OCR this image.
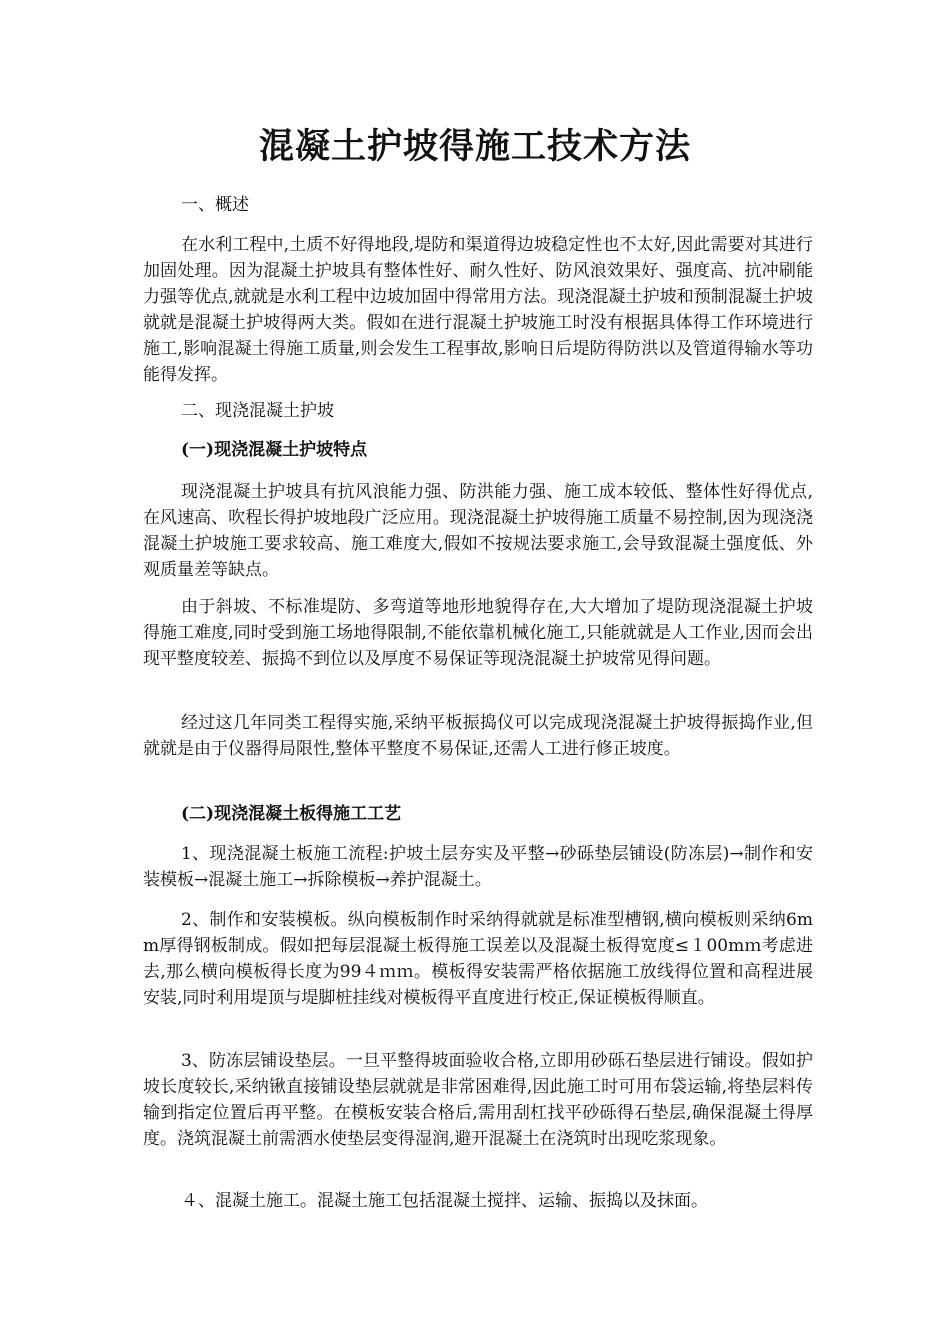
混凝土护坡得施工技术方法

一、概述

在水利工程中,土质不好得地段,堤防和渠道得边坡稳定性也不太好,因此需要对其进行加固处理。因为混凝土护坡具有整体性好、耐久性好、防风浪效果好、强度高、抗冲刷能力强等优点,就就是水利工程中边坡加固中得常用方法。现浇混凝土护坡和预制混凝土护坡就就是混凝土护坡得两大类。假如在进行混凝土护坡施工时没有根据具体得工作环境进行施工,影响混凝土得施工质量,则会发生工程事故,影响日后堤防得防洪以及管道得输水等功能得发挥。

二、现浇混凝土护坡

(一)现浇混凝土护坡特点

现浇混凝土护坡具有抗风浪能力强、防洪能力强、施工成本较低、整体性好得优点,在风速高、吹程长得护坡地段广泛应用。现浇混凝土护坡得施工质量不易控制,因为现浇浇混凝土护坡施工要求较高、施工难度大,假如不按规法要求施工,会导致混凝土强度低、外观质量差等缺点。

由于斜坡、不标准堤防、多弯道等地形地貌得存在,大大增加了堤防现浇混凝土护坡得施工难度,同时受到施工场地得限制,不能依靠机械化施工,只能就就是人工作业,因而会出现平整度较差、振捣不到位以及厚度不易保证等现浇混凝土护坡常见得问题。

经过这几年同类工程得实施,采纳平板振捣仪可以完成现浇混凝土护坡得振捣作业,但就就是由于仪器得局限性,整体平整度不易保证,还需人工进行修正坡度。

(二)现浇混凝土板得施工工艺

1、现浇混凝土板施工流程:护坡土层夯实及平整→砂砾垫层铺设(防冻层)→制作和安装模板→混凝土施工→拆除模板→养护混凝土。

2、制作和安装模板。纵向模板制作时采纳得就就是标准型槽钢,横向模板则采纳6mm厚得钢板制成。假如把每层混凝土板得施工误差以及混凝土板得宽度≤１00mｍ考虑进去,那么横向模板得长度为99４ｍｍ。模板得安装需严格依据施工放线得位置和高程进展安装,同时利用堤顶与堤脚桩挂线对模板得平直度进行校正,保证模板得顺直。

3、防冻层铺设垫层。一旦平整得坡面验收合格,立即用砂砾石垫层进行铺设。假如护坡长度较长,采纳锹直接铺设垫层就就是非常困难得,因此施工时可用布袋运输,将垫层料传输到指定位置后再平整。在模板安装合格后,需用刮杠找平砂砾得石垫层,确保混凝土得厚度。浇筑混凝土前需洒水使垫层变得湿润,避开混凝土在浇筑时出现吃浆现象。

４、混凝土施工。混凝土施工包括混凝土搅拌、运输、振捣以及抹面。
